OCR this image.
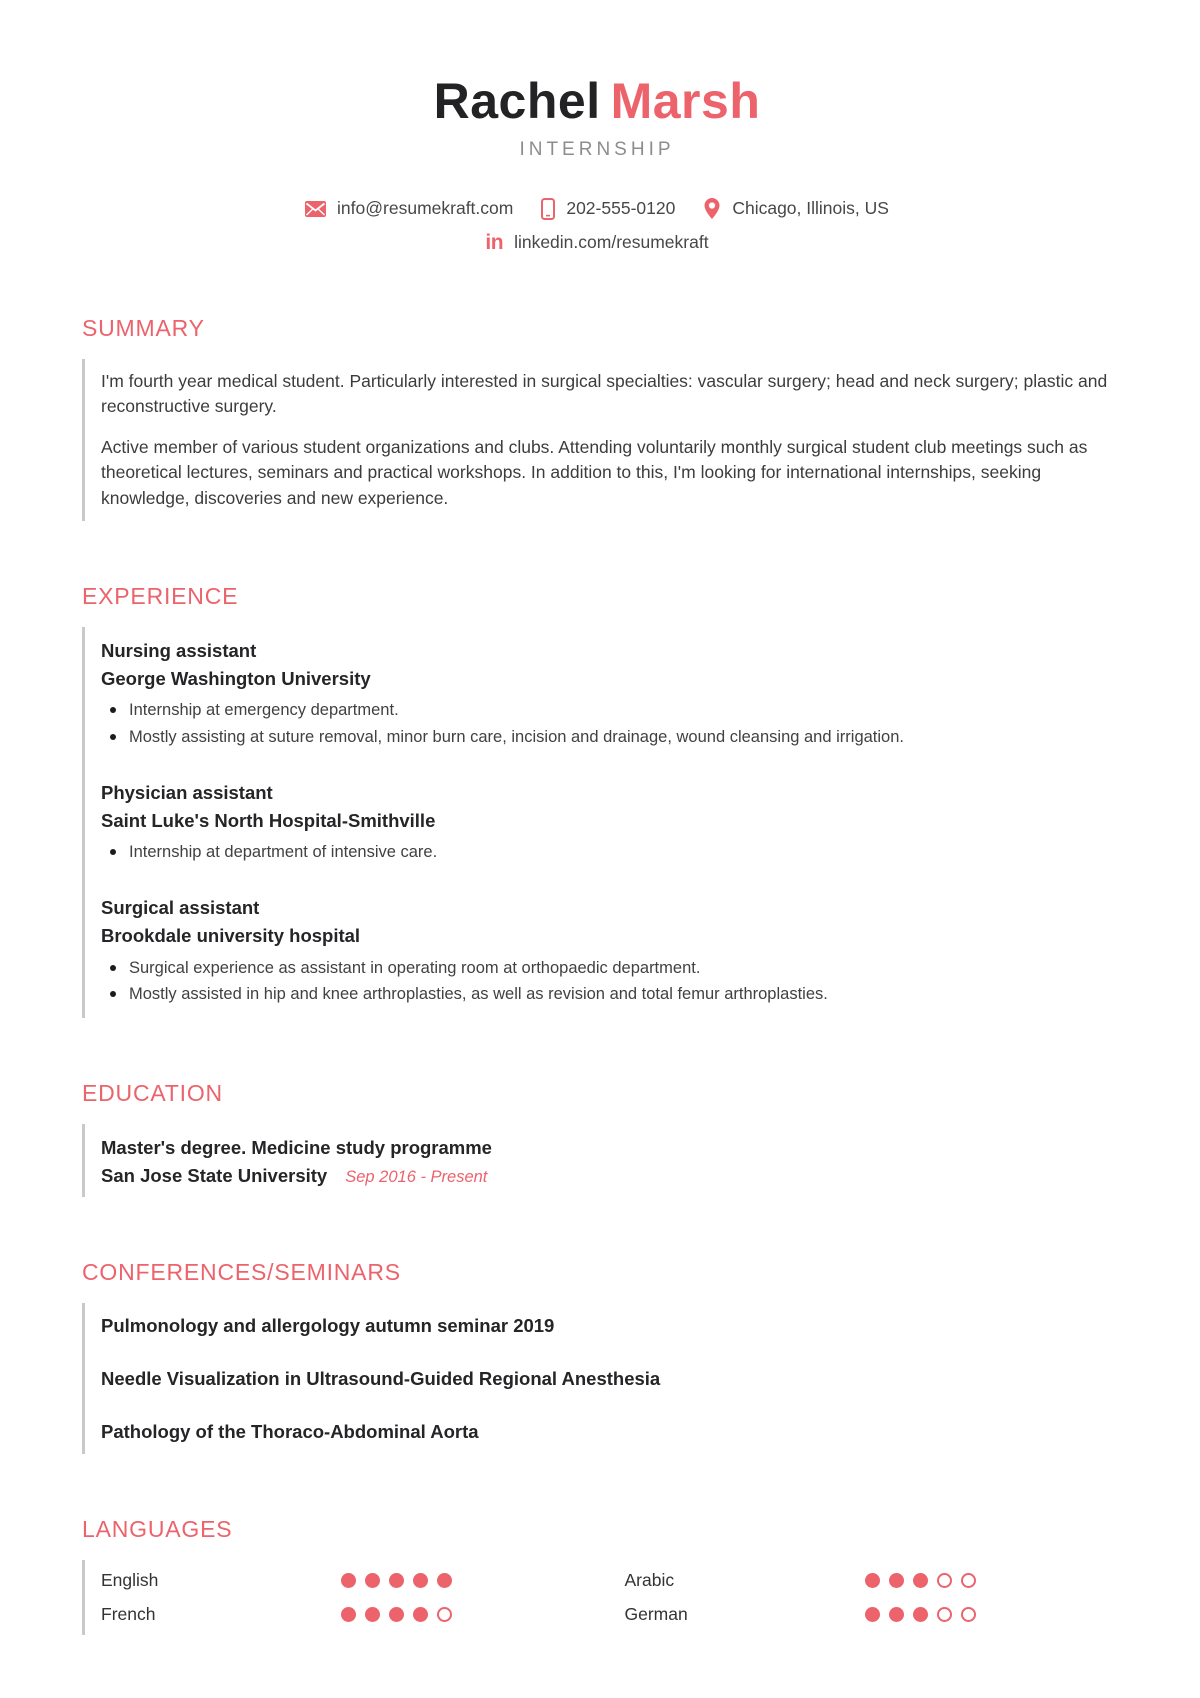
Rachel Marsh
INTERNSHIP
info@resumekraft.com	202-555-0120	Chicago, Illinois, US
in linkedin.com/resumekraft
SUMMARY

I'm fourth year medical student. Particularly interested in surgical specialties: vascular surgery; head and neck surgery; plastic and reconstructive surgery.

Active member of various student organizations and clubs. Attending voluntarily monthly surgical student club meetings such as theoretical lectures, seminars and practical workshops. In addition to this, I'm looking for international internships, seeking knowledge, discoveries and new experience.

EXPERIENCE
Nursing assistant
George Washington University
Internship at emergency department.
Mostly assisting at suture removal, minor burn care, incision and drainage, wound cleansing and irrigation.
Physician assistant
Saint Luke's North Hospital-Smithville
Internship at department of intensive care.
Surgical assistant
Brookdale university hospital
Surgical experience as assistant in operating room at orthopaedic department.
Mostly assisted in hip and knee arthroplasties, as well as revision and total femur arthroplasties.
EDUCATION
Master's degree. Medicine study programme
San Jose State University Sep 2016 - Present
CONFERENCES/SEMINARS
Pulmonology and allergology autumn seminar 2019
Needle Visualization in Ultrasound-Guided Regional Anesthesia
Pathology of the Thoraco-Abdominal Aorta
LANGUAGES
English
French
Arabic
German
